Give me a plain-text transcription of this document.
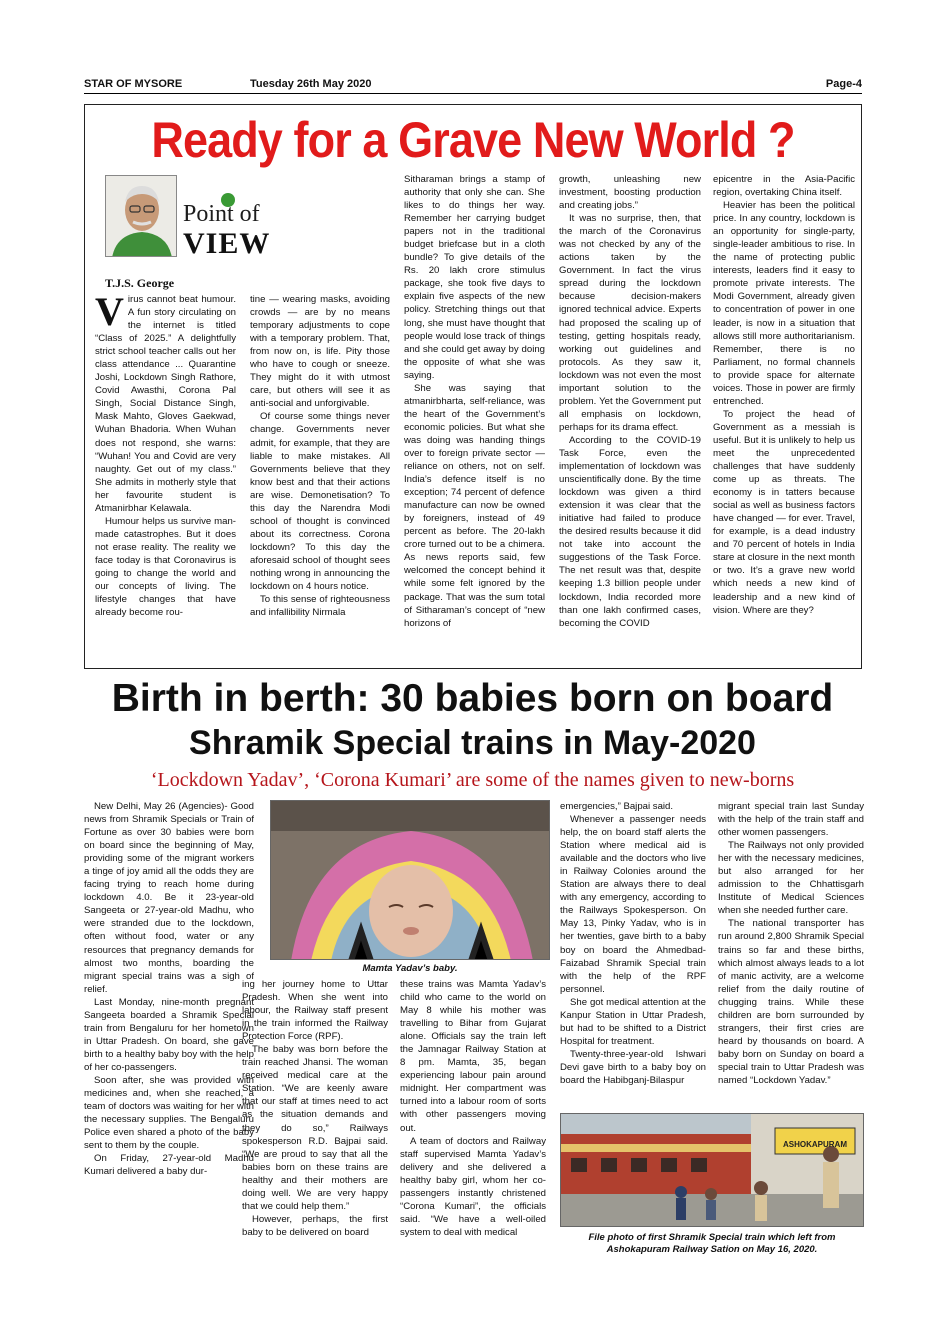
STAR OF MYSORE	Tuesday 26th May 2020	Page-4
Ready for a Grave New World ?
Point of
VIEW
T.J.S. George

Virus cannot beat humour. A fun story circulating on the internet is titled “Class of 2025.” A delightfully strict school teacher calls out her class attendance ... Quarantine Joshi, Lockdown Singh Rathore, Covid Awasthi, Corona Pal Singh, Social Distance Singh, Mask Mahto, Gloves Gaekwad, Wuhan Bhadoria. When Wuhan does not respond, she warns: “Wuhan! You and Covid are very naughty. Get out of my class.” She admits in motherly style that her favourite student is Atmanirbhar Kelawala.

Humour helps us survive man-made catastrophes. But it does not erase reality. The reality we face today is that Coronavirus is going to change the world and our concepts of living. The lifestyle changes that have already become rou-

tine — wearing masks, avoiding crowds — are by no means temporary adjustments to cope with a temporary problem. That, from now on, is life. Pity those who have to cough or sneeze. They might do it with utmost care, but others will see it as anti-social and unforgivable.

Of course some things never change. Governments never admit, for example, that they are liable to make mistakes. All Governments believe that they know best and that their actions are wise. Demonetisation? To this day the Narendra Modi school of thought is convinced about its correctness. Corona lockdown? To this day the aforesaid school of thought sees nothing wrong in announcing the lockdown on 4 hours notice.

To this sense of righteousness and infallibility Nirmala

Sitharaman brings a stamp of authority that only she can. She likes to do things her way. Remember her carrying budget papers not in the traditional budget briefcase but in a cloth bundle? To give details of the Rs. 20 lakh crore stimulus package, she took five days to explain five aspects of the new policy. Stretching things out that long, she must have thought that people would lose track of things and she could get away by doing the opposite of what she was saying.

She was saying that atmanirbharta, self-reliance, was the heart of the Government’s economic policies. But what she was doing was handing things over to foreign private sector — reliance on others, not on self. India’s defence itself is no exception; 74 percent of defence manufacture can now be owned by foreigners, instead of 49 percent as before. The 20-lakh crore turned out to be a chimera. As news reports said, few welcomed the concept behind it while some felt ignored by the package. That was the sum total of Sitharaman’s concept of “new horizons of

growth, unleashing new investment, boosting production and creating jobs.”

It was no surprise, then, that the march of the Coronavirus was not checked by any of the actions taken by the Government. In fact the virus spread during the lockdown because decision-makers ignored technical advice. Experts had proposed the scaling up of testing, getting hospitals ready, working out guidelines and protocols. As they saw it, lockdown was not even the most important solution to the problem. Yet the Government put all emphasis on lockdown, perhaps for its drama effect.

According to the COVID-19 Task Force, even the implementation of lockdown was unscientifically done. By the time lockdown was given a third extension it was clear that the initiative had failed to produce the desired results because it did not take into account the suggestions of the Task Force. The net result was that, despite keeping 1.3 billion people under lockdown, India recorded more than one lakh confirmed cases, becoming the COVID

epicentre in the Asia-Pacific region, overtaking China itself.

Heavier has been the political price. In any country, lockdown is an opportunity for single-party, single-leader ambitious to rise. In the name of protecting public interests, leaders find it easy to promote private interests. The Modi Government, already given to concentration of power in one leader, is now in a situation that allows still more authoritarianism. Remember, there is no Parliament, no formal channels to provide space for alternate voices. Those in power are firmly entrenched.

To project the head of Government as a messiah is useful. But it is unlikely to help us meet the unprecedented challenges that have suddenly come up as threats. The economy is in tatters because social as well as business factors have changed — for ever. Travel, for example, is a dead industry and 70 percent of hotels in India stare at closure in the next month or two. It’s a grave new world which needs a new kind of leadership and a new kind of vision. Where are they?

Birth in berth: 30 babies born on board
Shramik Special trains in May-2020
‘Lockdown Yadav’, ‘Corona Kumari’ are some of the names given to new-borns
Mamta Yadav’s baby.

New Delhi, May 26 (Agencies)- Good news from Shramik Specials or Train of Fortune as over 30 babies were born on board since the beginning of May, providing some of the migrant workers a tinge of joy amid all the odds they are facing trying to reach home during lockdown 4.0. Be it 23-year-old Sangeeta or 27-year-old Madhu, who were stranded due to the lockdown, often without food, water or any resources that pregnancy demands for almost two months, boarding the migrant special trains was a sigh of relief.

Last Monday, nine-month pregnant Sangeeta boarded a Shramik Special train from Bengaluru for her hometown in Uttar Pradesh. On board, she gave birth to a healthy baby boy with the help of her co-passengers.

Soon after, she was provided with medicines and, when she reached, a team of doctors was waiting for her with the necessary supplies. The Bengaluru Police even shared a photo of the baby sent to them by the couple.

On Friday, 27-year-old Madhu Kumari delivered a baby dur-

ing her journey home to Uttar Pradesh. When she went into labour, the Railway staff present in the train informed the Railway Protection Force (RPF).

The baby was born before the train reached Jhansi. The woman received medical care at the Station. “We are keenly aware that our staff at times need to act as the situation demands and they do so,” Railways spokesperson R.D. Bajpai said. “We are proud to say that all the babies born on these trains are healthy and their mothers are doing well. We are very happy that we could help them.”

However, perhaps, the first baby to be delivered on board

these trains was Mamta Yadav’s child who came to the world on May 8 while his mother was travelling to Bihar from Gujarat alone. Officials say the train left the Jamnagar Railway Station at 8 pm. Mamta, 35, began experiencing labour pain around midnight. Her compartment was turned into a labour room of sorts with other passengers moving out.

A team of doctors and Railway staff supervised Mamta Yadav’s delivery and she delivered a healthy baby girl, whom her co-passengers instantly christened “Corona Kumari”, the officials said. “We have a well-oiled system to deal with medical

emergencies,” Bajpai said.

Whenever a passenger needs help, the on board staff alerts the Station where medical aid is available and the doctors who live in Railway Colonies around the Station are always there to deal with any emergency, according to the Railways Spokesperson. On May 13, Pinky Yadav, who is in her twenties, gave birth to a baby boy on board the Ahmedbad-Faizabad Shramik Special train with the help of the RPF personnel.

She got medical attention at the Kanpur Station in Uttar Pradesh, but had to be shifted to a District Hospital for treatment.

Twenty-three-year-old Ishwari Devi gave birth to a baby boy on board the Habibganj-Bilaspur

migrant special train last Sunday with the help of the train staff and other women passengers.

The Railways not only provided her with the necessary medicines, but also arranged for her admission to the Chhattisgarh Institute of Medical Sciences when she needed further care.

The national transporter has run around 2,800 Shramik Special trains so far and these births, which almost always leads to a lot of manic activity, are a welcome relief from the daily routine of chugging trains. While these children are born surrounded by strangers, their first cries are heard by thousands on board. A baby born on Sunday on board a special train to Uttar Pradesh was named “Lockdown Yadav.”

ASHOKAPURAM
File photo of first Shramik Special train which left from Ashokapuram Railway Sation on May 16, 2020.
